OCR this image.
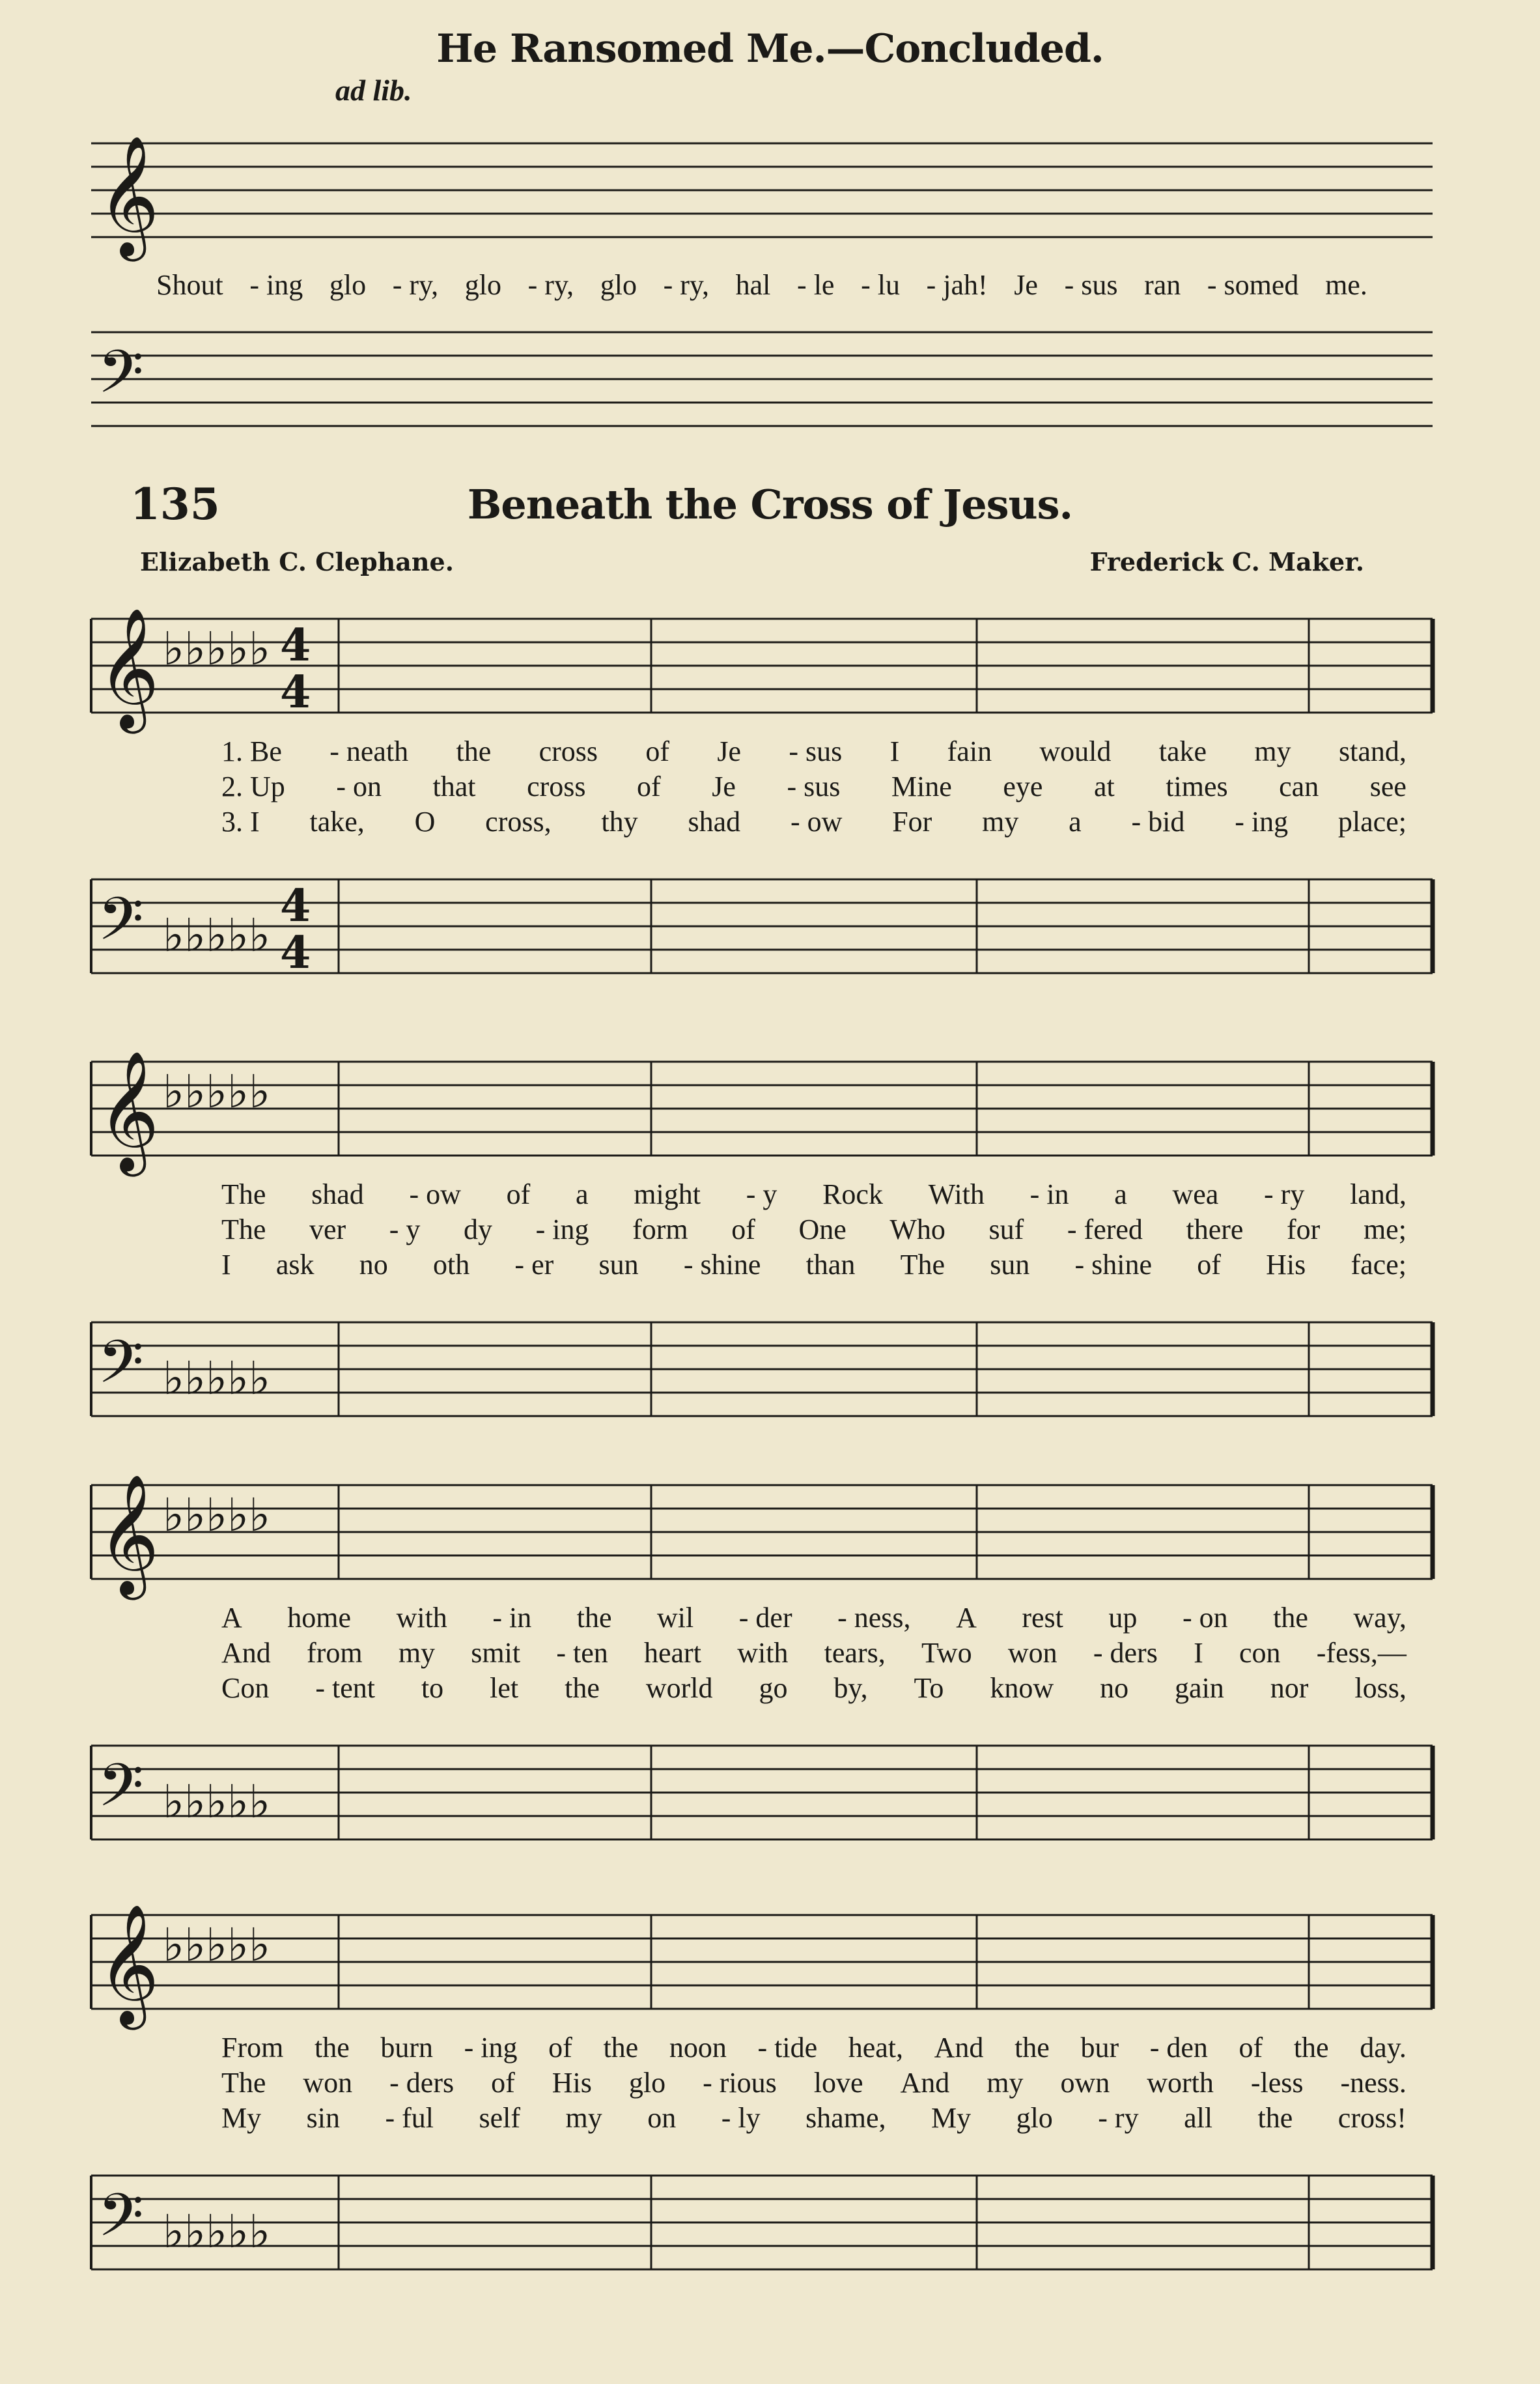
He Ransomed Me.—Concluded.
ad lib.
𝄞
Shout - ing glo - ry, glo - ry, glo - ry, hal - le - lu - jah! Je - sus ran - somed me.
𝄢
135	Beneath the Cross of Jesus.
Elizabeth C. Clephane.	Frederick C. Maker.
𝄞 ♭♭♭♭♭ 4
4
1. Be - neath the cross of Je - sus I fain would take my stand,
2. Up - on that cross of Je - sus Mine eye at times can see
3. I take, O cross, thy shad - ow For my a - bid - ing place;
𝄢 ♭♭♭♭♭
4
4
𝄞 ♭♭♭♭♭
The shad - ow of a might - y Rock With - in a wea - ry land,
The ver - y dy - ing form of One Who suf - fered there for me;
I ask no oth - er sun - shine than The sun - shine of His face;
𝄢 ♭♭♭♭♭
𝄞 ♭♭♭♭♭
A home with - in the wil - der - ness, A rest up - on the way,
And from my smit - ten heart with tears, Two won - ders I con -fess,—
Con - tent to let the world go by, To know no gain nor loss,
𝄢 ♭♭♭♭♭
𝄞 ♭♭♭♭♭
From the burn - ing of the noon - tide heat, And the bur - den of the day.
The won - ders of His glo - rious love And my own worth -less -ness.
My sin - ful self my on - ly shame, My glo - ry all the cross!
𝄢 ♭♭♭♭♭
